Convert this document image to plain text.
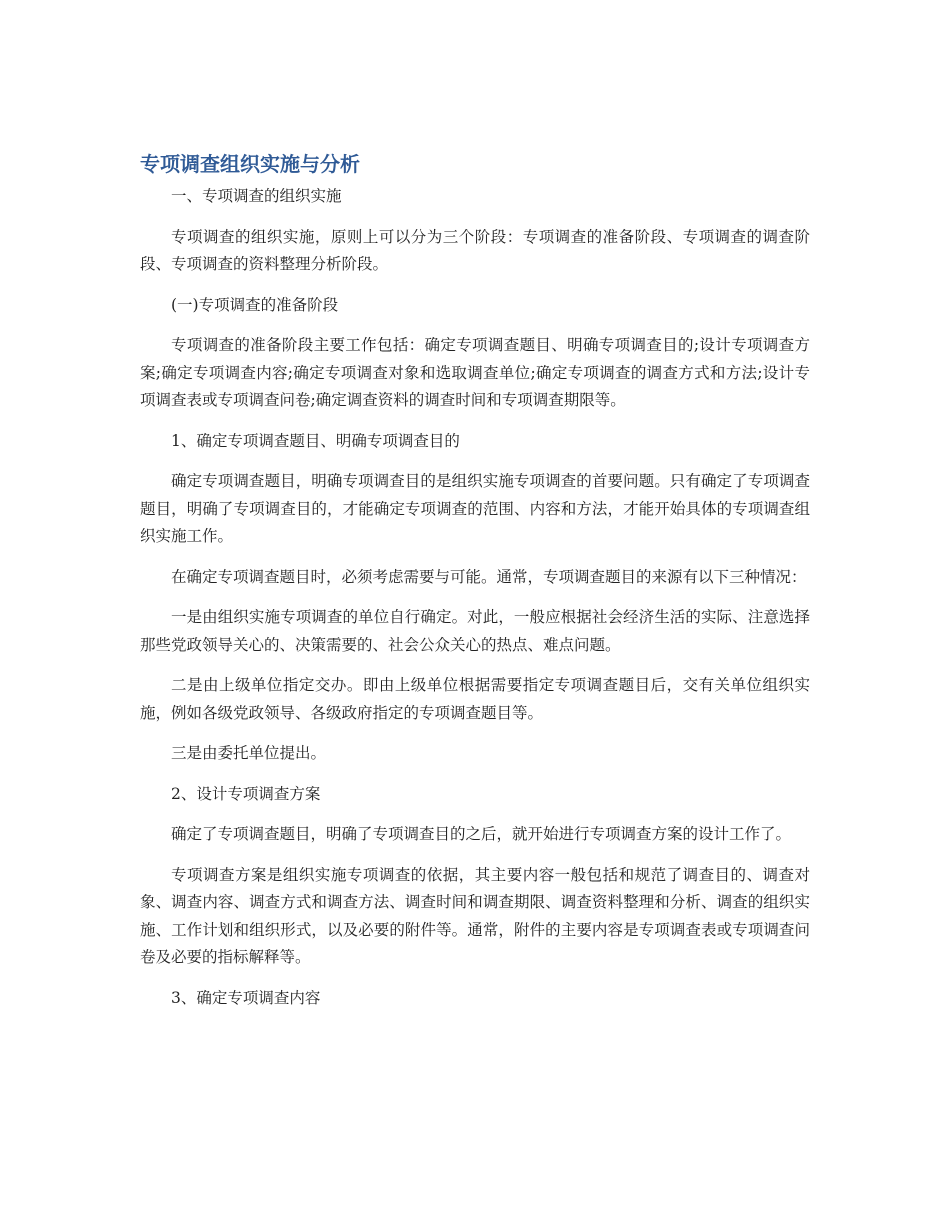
专项调查组织实施与分析

一、专项调查的组织实施

专项调查的组织实施，原则上可以分为三个阶段：专项调查的准备阶段、专项调查的调查阶段、专项调查的资料整理分析阶段。

(一)专项调查的准备阶段

专项调查的准备阶段主要工作包括：确定专项调查题目、明确专项调查目的;设计专项调查方案;确定专项调查内容;确定专项调查对象和选取调查单位;确定专项调查的调查方式和方法;设计专项调查表或专项调查问卷;确定调查资料的调查时间和专项调查期限等。

1、确定专项调查题目、明确专项调查目的

确定专项调查题目，明确专项调查目的是组织实施专项调查的首要问题。只有确定了专项调查题目，明确了专项调查目的，才能确定专项调查的范围、内容和方法，才能开始具体的专项调查组织实施工作。

在确定专项调查题目时，必须考虑需要与可能。通常，专项调查题目的来源有以下三种情况：

一是由组织实施专项调查的单位自行确定。对此，一般应根据社会经济生活的实际、注意选择那些党政领导关心的、决策需要的、社会公众关心的热点、难点问题。

二是由上级单位指定交办。即由上级单位根据需要指定专项调查题目后，交有关单位组织实施，例如各级党政领导、各级政府指定的专项调查题目等。

三是由委托单位提出。

2、设计专项调查方案

确定了专项调查题目，明确了专项调查目的之后，就开始进行专项调查方案的设计工作了。

专项调查方案是组织实施专项调查的依据，其主要内容一般包括和规范了调查目的、调查对象、调查内容、调查方式和调查方法、调查时间和调查期限、调查资料整理和分析、调查的组织实施、工作计划和组织形式，以及必要的附件等。通常，附件的主要内容是专项调查表或专项调查问卷及必要的指标解释等。

3、确定专项调查内容
